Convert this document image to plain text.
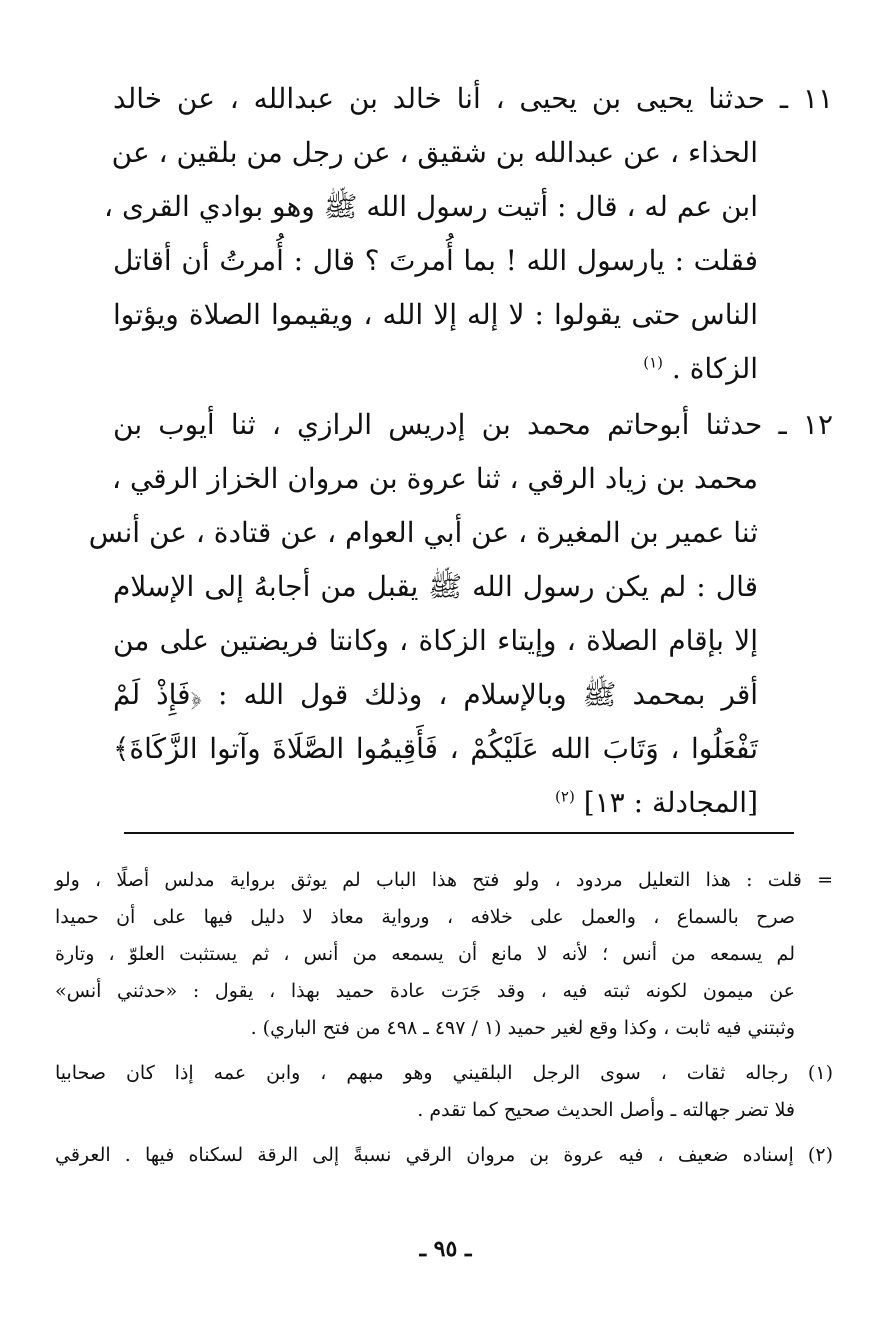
١١ ـ حدثنا يحيى بن يحيى ، أنا خالد بن عبدالله ، عن خالد
الحذاء ، عن عبدالله بن شقيق ، عن رجل من بلقين ، عن
ابن عم له ، قال : أتيت رسول الله ﷺ وهو بوادي القرى ،
فقلت : يارسول الله ! بما أُمرتَ ؟ قال : أُمرتُ أن أقاتل
الناس حتى يقولوا : لا إله إلا الله ، ويقيموا الصلاة ويؤتوا
الزكاة . $^{(١)}$
١٢ ـ حدثنا أبوحاتم محمد بن إدريس الرازي ، ثنا أيوب بن
محمد بن زياد الرقي ، ثنا عروة بن مروان الخزاز الرقي ،
ثنا عمير بن المغيرة ، عن أبي العوام ، عن قتادة ، عن أنس
قال : لم يكن رسول الله ﷺ يقبل من أجابهُ إلى الإسلام
إلا بإقام الصلاة ، وإيتاء الزكاة ، وكانتا فريضتين على من
أقر بمحمد ﷺ وبالإسلام ، وذلك قول الله : ﴿فَإِذْ لَمْ
تَفْعَلُوا ، وَتَابَ الله عَلَيْكُمْ ، فَأَقِيمُوا الصَّلَاةَ وآتوا الزَّكَاةَ﴾
[المجادلة : ١٣] $^{(٢)}$
= قلت : هذا التعليل مردود ، ولو فتح هذا الباب لم يوثق برواية مدلس أصلًا ، ولو
صرح بالسماع ، والعمل على خلافه ، ورواية معاذ لا دليل فيها على أن حميدا
لم يسمعه من أنس ؛ لأنه لا مانع أن يسمعه من أنس ، ثم يستثبت العلوّ ، وتارة
عن ميمون لكونه ثبته فيه ، وقد جَرَت عادة حميد بهذا ، يقول : «حدثني أنس»
وثبتني فيه ثابت ، وكذا وقع لغير حميد (١ / ٤٩٧ ـ ٤٩٨ من فتح الباري) .
(١) رجاله ثقات ، سوى الرجل البلقيني وهو مبهم ، وابن عمه إذا كان صحابيا
فلا تضر جهالته ـ وأصل الحديث صحيح كما تقدم .
(٢) إسناده ضعيف ، فيه عروة بن مروان الرقي نسبةً إلى الرقة لسكناه فيها . العرقي
ـ ٩٥ ـ
